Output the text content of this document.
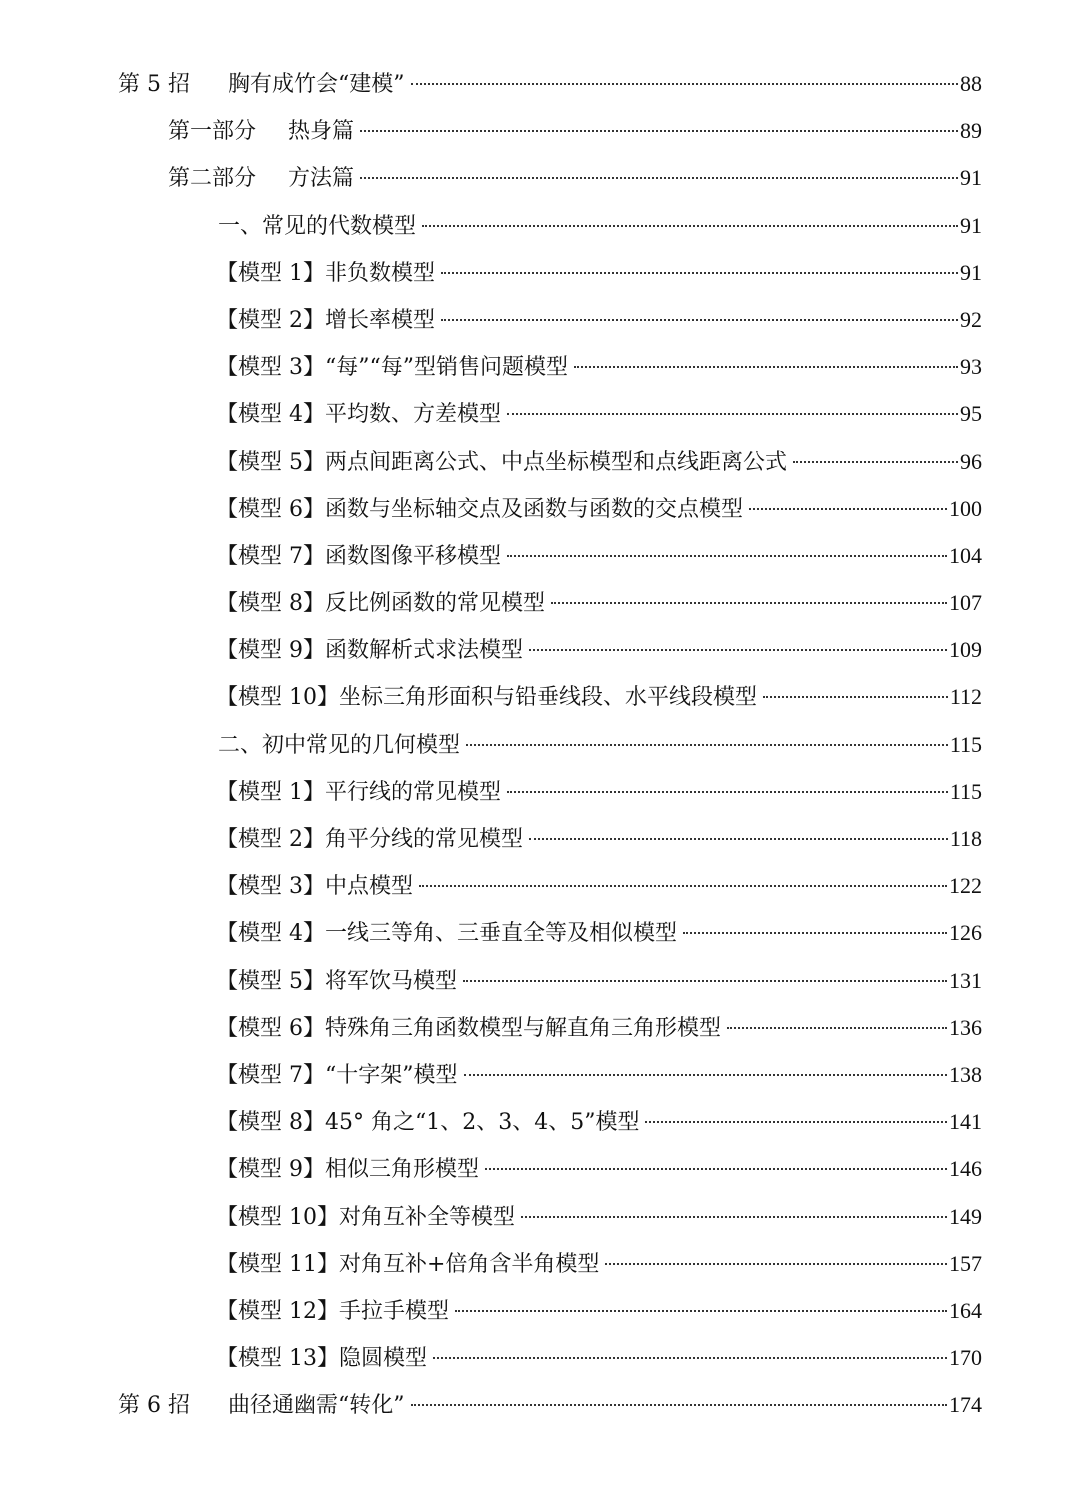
第 5 招 胸有成竹会“建模”	88
第一部分 热身篇	89
第二部分 方法篇	91
一、常见的代数模型	91
【模型 1】非负数模型	91
【模型 2】增长率模型	92
【模型 3】“每”“每”型销售问题模型	93
【模型 4】平均数、方差模型	95
【模型 5】两点间距离公式、中点坐标模型和点线距离公式	96
【模型 6】函数与坐标轴交点及函数与函数的交点模型	100
【模型 7】函数图像平移模型	104
【模型 8】反比例函数的常见模型	107
【模型 9】函数解析式求法模型	109
【模型 10】坐标三角形面积与铅垂线段、水平线段模型	112
二、初中常见的几何模型	115
【模型 1】平行线的常见模型	115
【模型 2】角平分线的常见模型	118
【模型 3】中点模型	122
【模型 4】一线三等角、三垂直全等及相似模型	126
【模型 5】将军饮马模型	131
【模型 6】特殊角三角函数模型与解直角三角形模型	136
【模型 7】“十字架”模型	138
【模型 8】45° 角之“1、2、3、4、5”模型	141
【模型 9】相似三角形模型	146
【模型 10】对角互补全等模型	149
【模型 11】对角互补+倍角含半角模型	157
【模型 12】手拉手模型	164
【模型 13】隐圆模型	170
第 6 招 曲径通幽需“转化”	174
